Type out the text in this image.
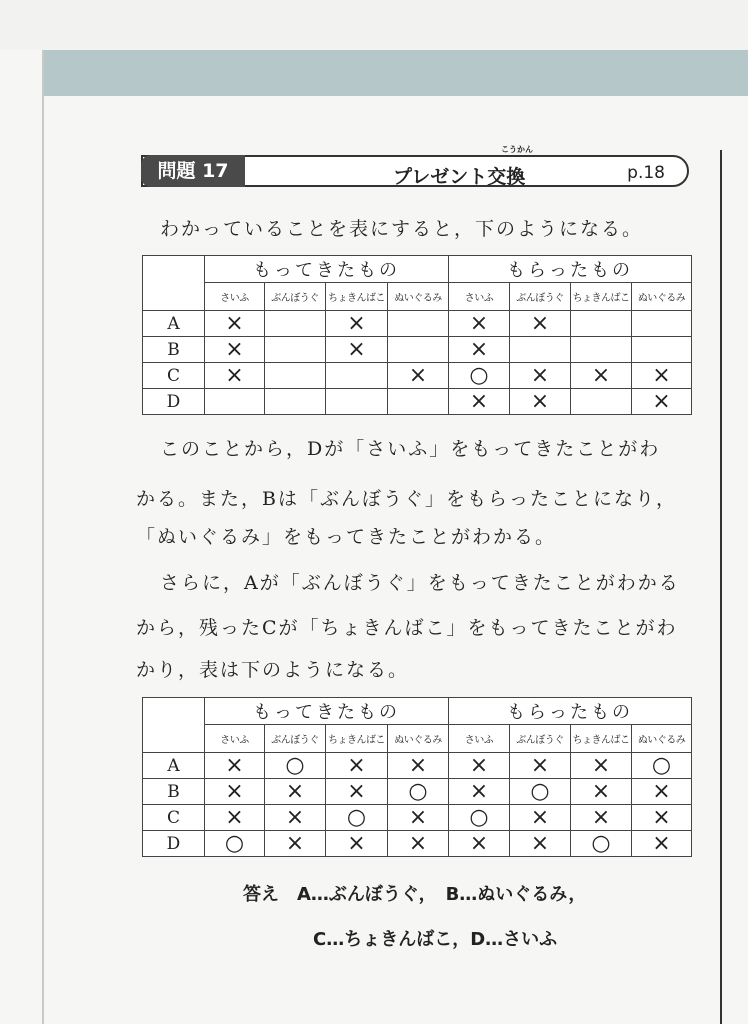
問題 17
こうかん
プレゼント交換	p.18
わかっていることを表にすると，下のようになる。
	もってきたもの				もらったもの			
	さいふ	ぶんぼうぐ	ちょきんばこ	ぬいぐるみ	さいふ	ぶんぼうぐ	ちょきんばこ	ぬいぐるみ
A	×		×		×	×		
B	×		×		×			
C	×			×	○	×	×	×
D					×	×		×
このことから，Dが「さいふ」をもってきたことがわ
かる。また，Bは「ぶんぼうぐ」をもらったことになり，
「ぬいぐるみ」をもってきたことがわかる。
さらに，Aが「ぶんぼうぐ」をもってきたことがわかる
から，残ったCが「ちょきんばこ」をもってきたことがわ
かり，表は下のようになる。
	もってきたもの				もらったもの			
	さいふ	ぶんぼうぐ	ちょきんばこ	ぬいぐるみ	さいふ	ぶんぼうぐ	ちょきんばこ	ぬいぐるみ
A	×	○	×	×	×	×	×	○
B	×	×	×	○	×	○	×	×
C	×	×	○	×	○	×	×	×
D	○	×	×	×	×	×	○	×
答え　A…ぶんぼうぐ，　B…ぬいぐるみ，
C…ちょきんばこ，D…さいふ
